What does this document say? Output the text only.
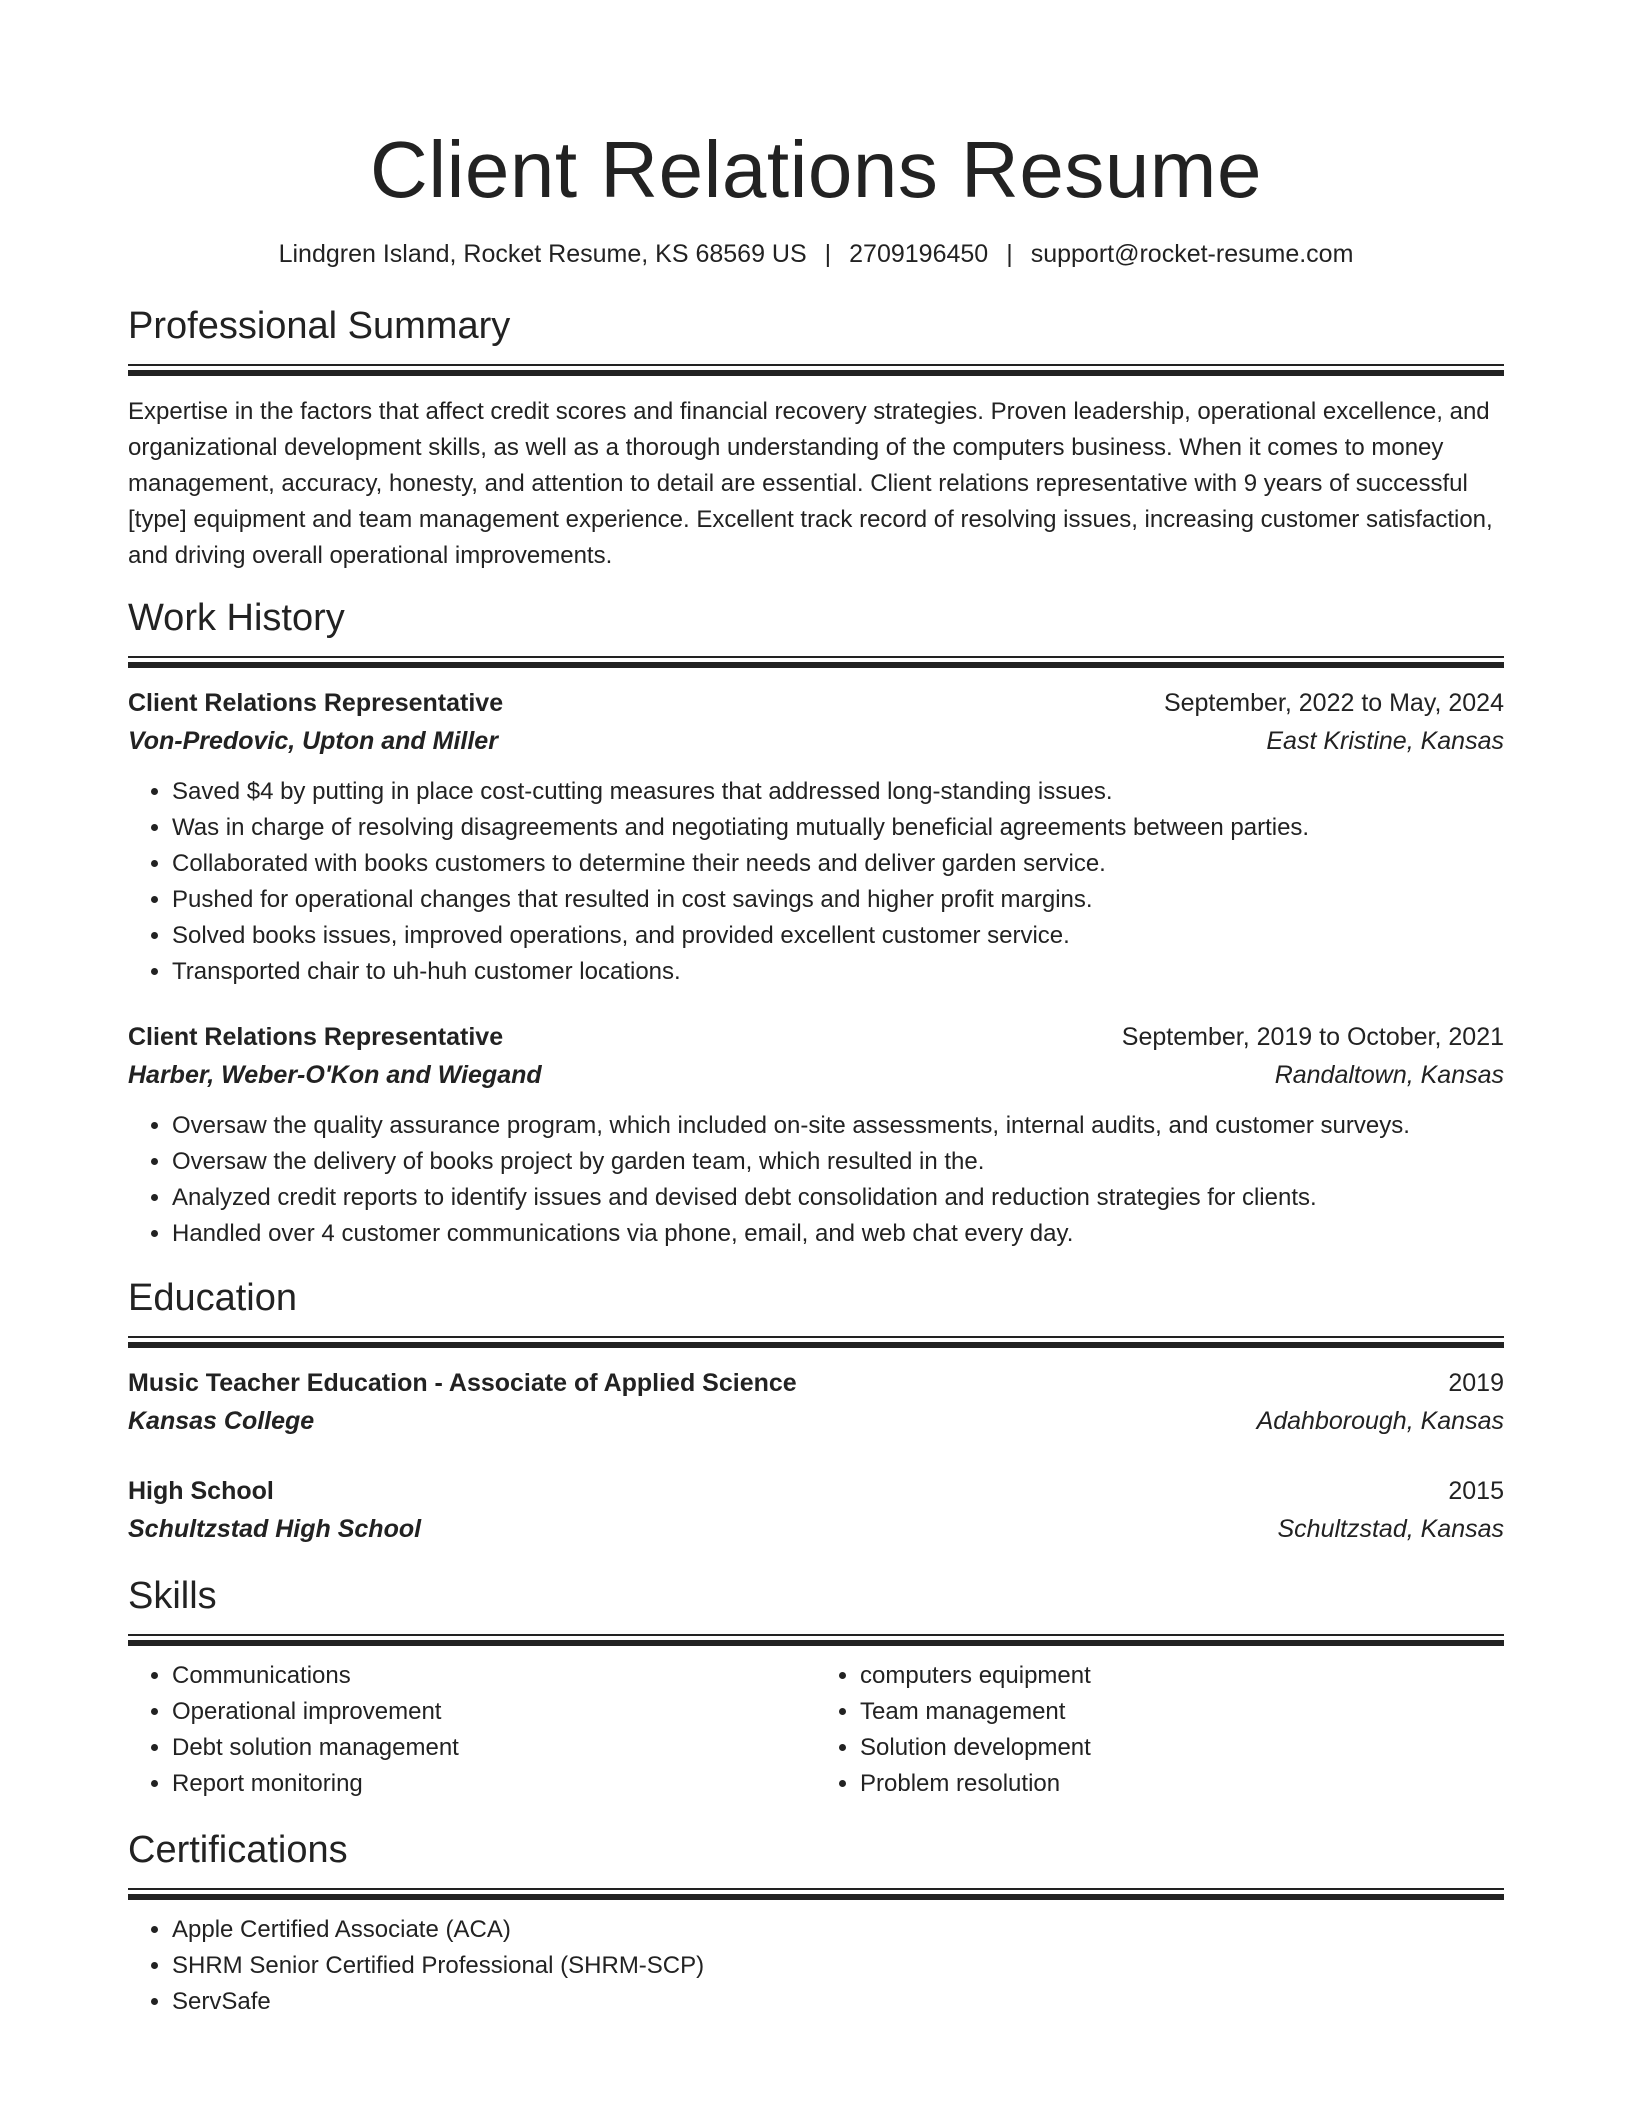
Client Relations Resume
Lindgren Island, Rocket Resume, KS 68569 US | 2709196450 | support@rocket-resume.com
Professional Summary

Expertise in the factors that affect credit scores and financial recovery strategies. Proven leadership, operational excellence, and organizational development skills, as well as a thorough understanding of the computers business. When it comes to money management, accuracy, honesty, and attention to detail are essential. Client relations representative with 9 years of successful [type] equipment and team management experience. Excellent track record of resolving issues, increasing customer satisfaction, and driving overall operational improvements.

Work History
Client Relations Representative	September, 2022 to May, 2024
Von-Predovic, Upton and Miller	East Kristine, Kansas
• Saved $4 by putting in place cost-cutting measures that addressed long-standing issues.
• Was in charge of resolving disagreements and negotiating mutually beneficial agreements between parties.
• Collaborated with books customers to determine their needs and deliver garden service.
• Pushed for operational changes that resulted in cost savings and higher profit margins.
• Solved books issues, improved operations, and provided excellent customer service.
• Transported chair to uh-huh customer locations.
Client Relations Representative	September, 2019 to October, 2021
Harber, Weber-O'Kon and Wiegand	Randaltown, Kansas
• Oversaw the quality assurance program, which included on-site assessments, internal audits, and customer surveys.
• Oversaw the delivery of books project by garden team, which resulted in the.
• Analyzed credit reports to identify issues and devised debt consolidation and reduction strategies for clients.
• Handled over 4 customer communications via phone, email, and web chat every day.
Education
Music Teacher Education - Associate of Applied Science	2019
Kansas College	Adahborough, Kansas
High School	2015
Schultzstad High School	Schultzstad, Kansas
Skills
• Communications
• Operational improvement
• Debt solution management
• Report monitoring
• computers equipment
• Team management
• Solution development
• Problem resolution
Certifications
• Apple Certified Associate (ACA)
• SHRM Senior Certified Professional (SHRM-SCP)
• ServSafe
